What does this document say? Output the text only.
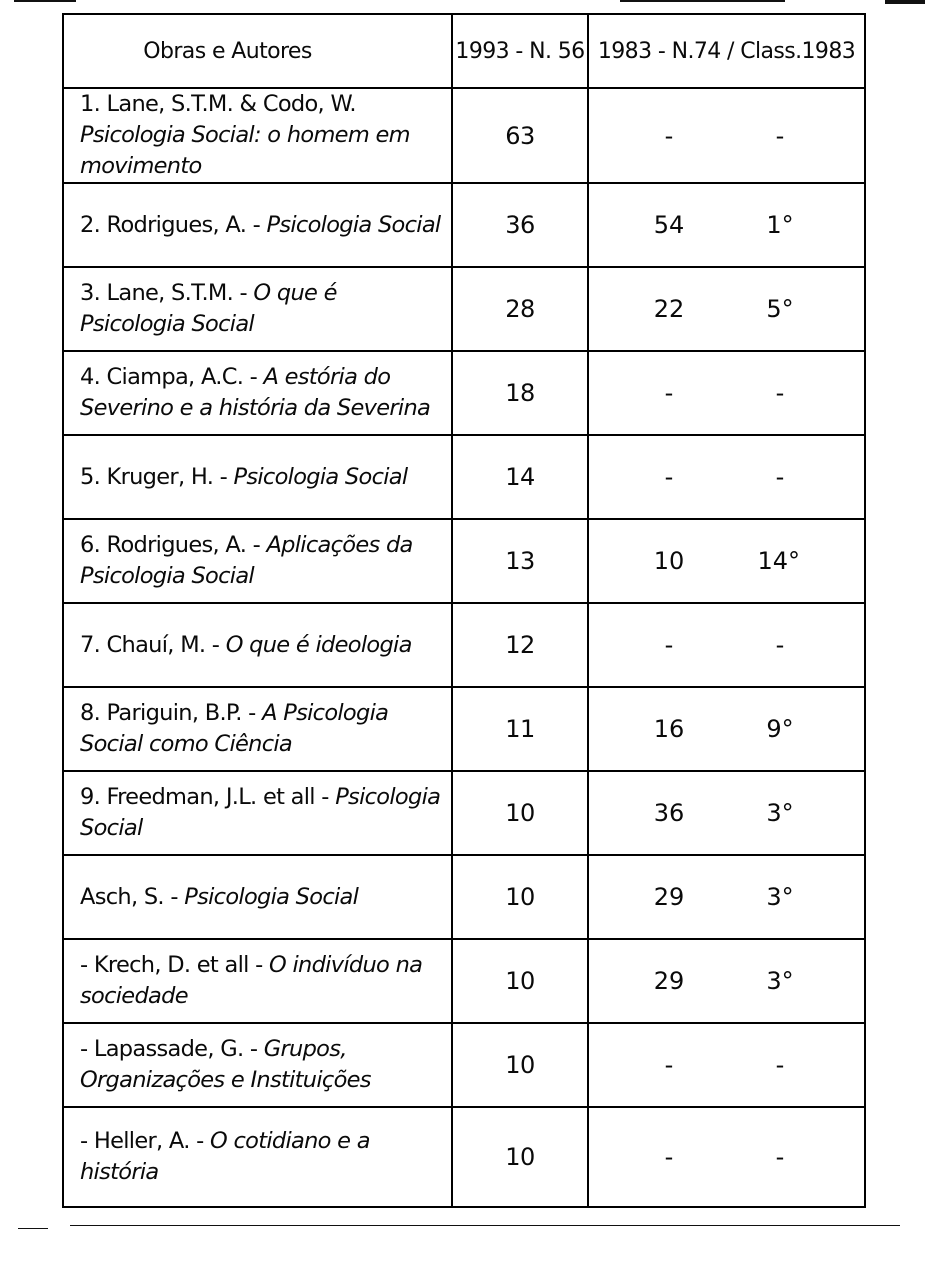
Obras e Autores	1993 - N. 56	1983 - N.74 / Class.1983
1. Lane, S.T.M. & Codo, W. Psicologia Social: o homem em movimento	63	- -

2. Rodrigues, A. - Psicologia Social	36	54 1°

3. Lane, S.T.M. - O que é Psicologia Social	28	22 5°

4. Ciampa, A.C. - A estória do Severino e a história da Severina	18	- -

5. Kruger, H. - Psicologia Social	14	- -

6. Rodrigues, A. - Aplicações da Psicologia Social	13	10 14°

7. Chauí, M. - O que é ideologia	12	- -

8. Pariguin, B.P. - A Psicologia Social como Ciência	11	16 9°

9. Freedman, J.L. et all - Psicologia Social	10	36 3°

Asch, S. - Psicologia Social	10	29 3°

- Krech, D. et all - O indivíduo na sociedade	10	29 3°

- Lapassade, G. - Grupos, Organizações e Instituições	10	- -

- Heller, A. - O cotidiano e a história	10	- -
